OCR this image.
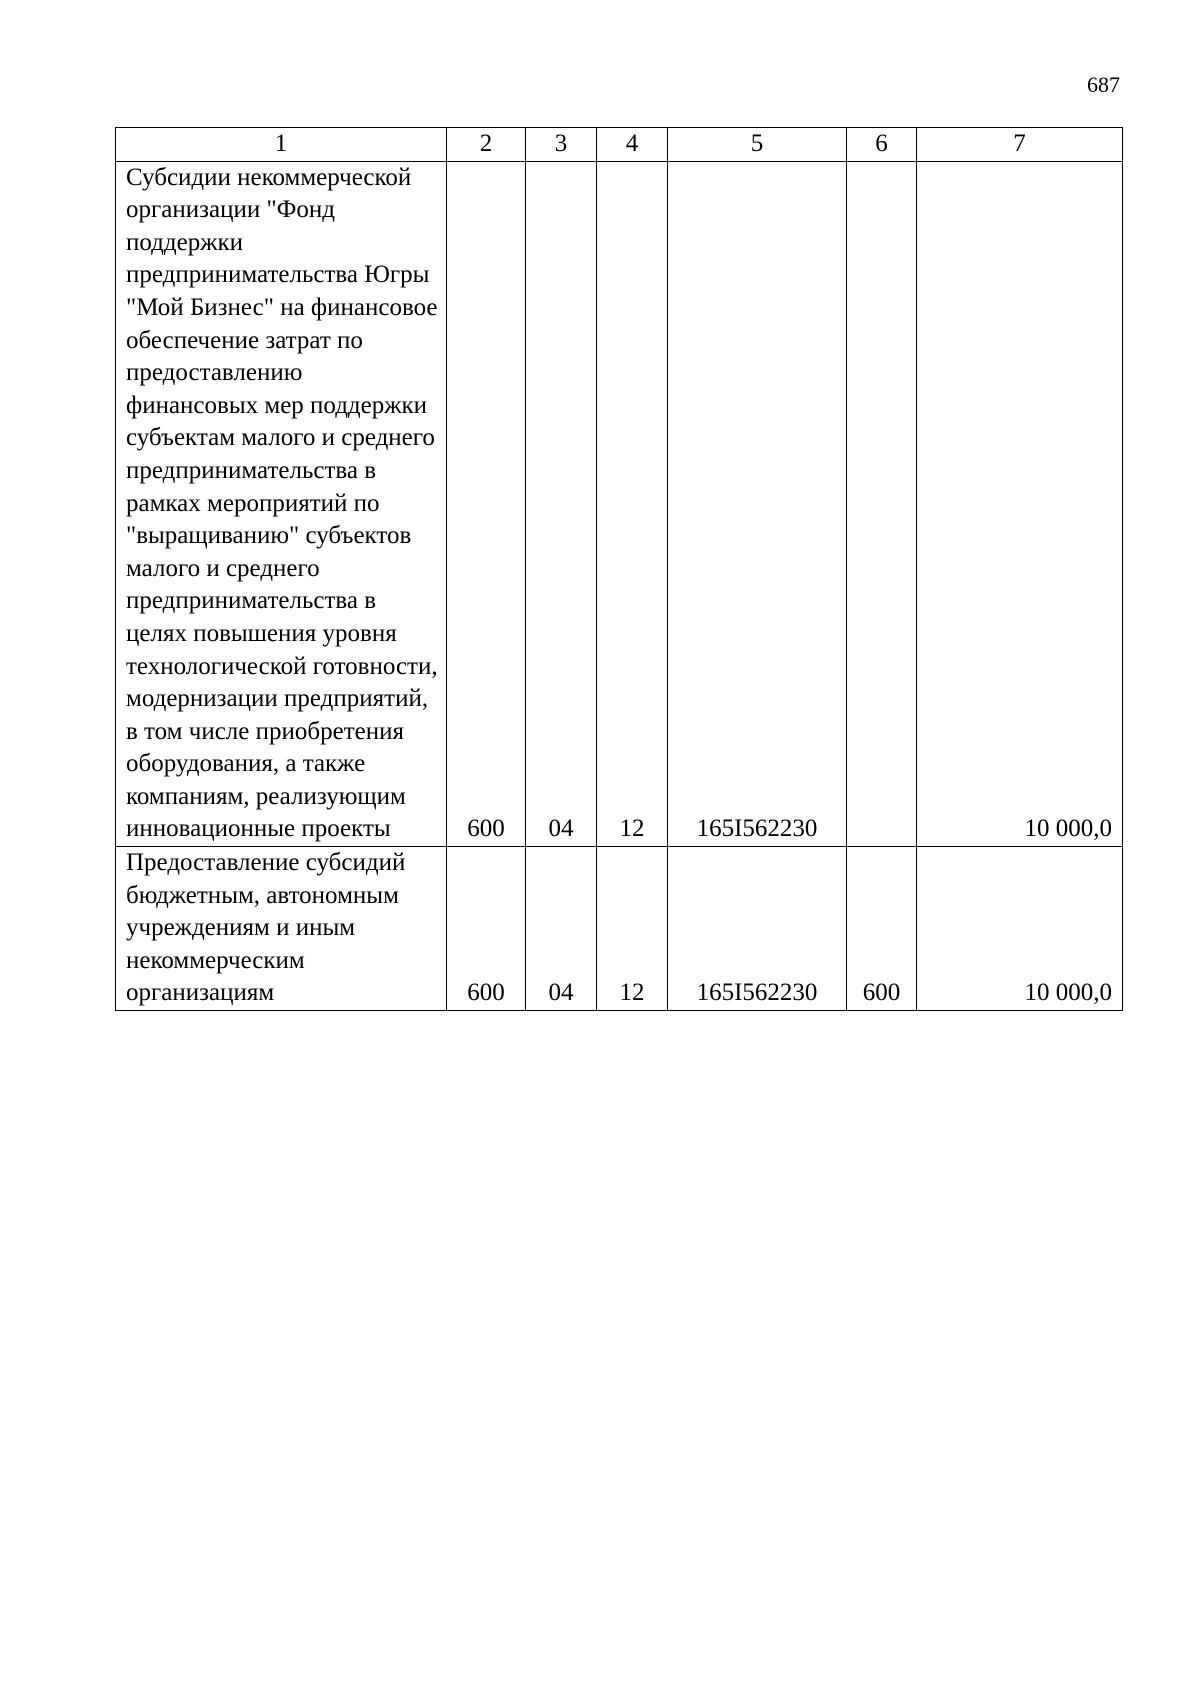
687
1	2	3	4	5	6	7
Субсидии некоммерческой организации "Фонд поддержки предпринимательства Югры "Мой Бизнес" на финансовое обеспечение затрат по предоставлению финансовых мер поддержки субъектам малого и среднего предпринимательства в рамках мероприятий по "выращиванию" субъектов малого и среднего предпринимательства в целях повышения уровня технологической готовности, модернизации предприятий, в том числе приобретения оборудования, а также компаниям, реализующим инновационные проекты	600	04	12	165I562230		10 000,0
Предоставление субсидий бюджетным, автономным учреждениям и иным некоммерческим организациям	600	04	12	165I562230	600	10 000,0
